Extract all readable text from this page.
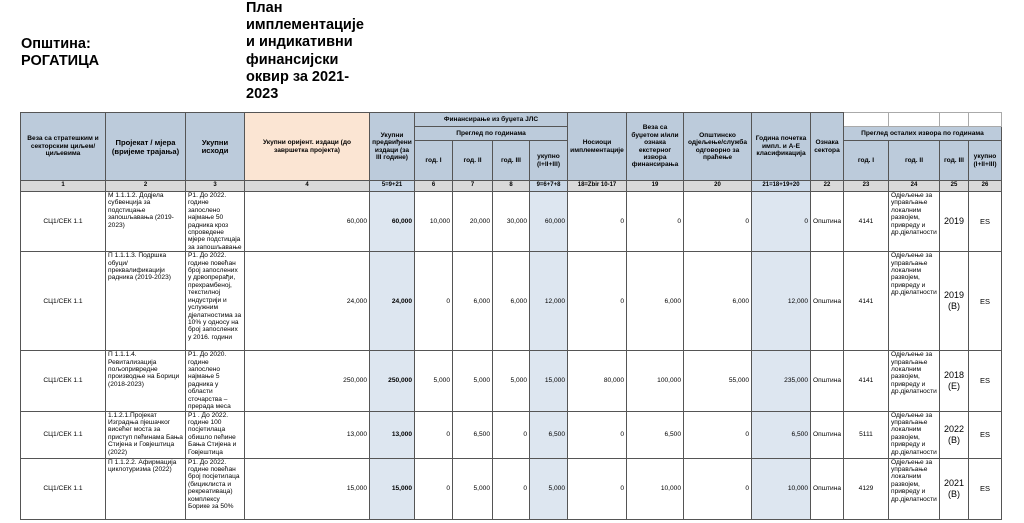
Општина:
РОГАТИЦА
План
имплементације
и индикативни
финансијски
оквир за 2021-
2023
Веза са стратешким и секторским циљем/ циљевима	Пројекат / мјера (вријеме трајања)	Укупни исходи	Укупни оријент. издаци (до завршетка пројекта)	Укупни предвиђени издаци (за III године)	Финансирање из буџета ЈЛС				Носиоци имплементације	Веза са буџетом и/или ознака екстерног извора финансирања	Општинско одјељење/служба одговорно за праћење	Година почетка импл. и А-Е класификација	Ознака сектора				
					Преглед по годинама									Преглед осталих извора по годинама			
					год. I	год. II	год. III	укупно (I+II+III)						год. I	год. II	год. III	укупно (I+II+III)
1	2	3	4	5=9+21	6	7	8	9=6+7+8	18=Zbir 10-17	19	20	21=18+19+20	22	23	24	25	26
СЦ1/СЕК 1.1	М 1.1.1.2. Додјела субвенција за подстицање запошљавања (2019-2023)	Р1. До 2022. године запослено најмање 50 радника кроз спроведене мјере подстицаја за запошљавање	60,000	60,000	10,000	20,000	30,000	60,000	0	0	0	0	Општина	4141	Одјељење за управљање локалним развојем, привреду и др.дјелатности	2019	ES
СЦ1/СЕК 1.1	П 1.1.1.3. Подршка обуци/преквалификацији радника (2019-2023)	Р1. До 2022. године повећан број запослених у дрвопрерађи, прехрамбеној, текстилној индустрији и услужним дјелатностима за 10% у односу на број запослених у 2016. години	24,000	24,000	0	6,000	6,000	12,000	0	6,000	6,000	12,000	Општина	4141	Одјељење за управљање локалним развојем, привреду и др.дјелатности	2019 (B)	ES
СЦ1/СЕК 1.1	П 1.1.1.4. Ревитализација пољопривредне производње на Борици (2018-2023)	Р1. До 2020. године запослено најмање 5 радника у области сточарства – прерада меса	250,000	250,000	5,000	5,000	5,000	15,000	80,000	100,000	55,000	235,000	Општина	4141	Одјељење за управљање локалним развојем, привреду и др.дјелатности	2018 (E)	ES
СЦ1/СЕК 1.1	1.1.2.1.Пројекат Изградња пјешачког висећег моста за приступ пећинама Бања Стијена и Говјештица (2022)	Р1 . До 2022. године 100 посјетилаца обишло пећине Бања Стијена и Говјештица	13,000	13,000	0	6,500	0	6,500	0	6,500	0	6,500	Општина	5111	Одјељење за управљање локалним развојем, привреду и др.дјелатности	2022 (B)	ES
СЦ1/СЕК 1.1	П 1.1.2.2. Афирмација циклотуризма (2022)	Р1. До 2022. године повећан број посјетилаца (бициклиста и рекреативаца) комплексу Борике за 50%	15,000	15,000	0	5,000	0	5,000	0	10,000	0	10,000	Општина	4129	Одјељење за управљање локалним развојем, привреду и др.дјелатности	2021 (B)	ES
